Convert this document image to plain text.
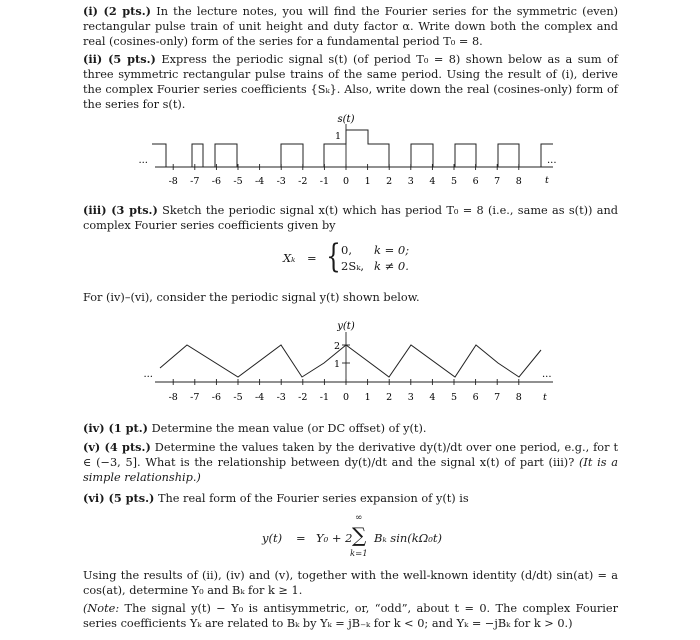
(i) (2 pts.) In the lecture notes, you will find the Fourier series for the symmetric (even) rectangular pulse train of unit height and duty factor α. Write down both the complex and real (cosines-only) form of the series for a fundamental period T₀ = 8.

(ii) (5 pts.) Express the periodic signal s(t) (of period T₀ = 8) shown below as a sum of three symmetric rectangular pulse trains of the same period. Using the result of (i), derive the complex Fourier series coefficients {Sₖ}. Also, write down the real (cosines-only) form of the series for s(t).

s(t)
1
...	...
t
-8 -7 -6 -5 -4 -3 -2 -1 0 1 2 3 4 5 6 7 8

(iii) (3 pts.) Sketch the periodic signal x(t) which has period T₀ = 8 (i.e., same as s(t)) and complex Fourier series coefficients given by

Xₖ = { 0, k = 0;
2Sₖ, k ≠ 0.

For (iv)–(vi), consider the periodic signal y(t) shown below.

y(t)
2
1
...	...
t
-8 -7 -6 -5 -4 -3 -2 -1 0 1 2 3 4 5 6 7 8

(iv) (1 pt.) Determine the mean value (or DC offset) of y(t).

(v) (4 pts.) Determine the values taken by the derivative dy(t)/dt over one period, e.g., for t ∈ (−3, 5]. What is the relationship between dy(t)/dt and the signal x(t) of part (iii)? (It is a simple relationship.)

(vi) (5 pts.) The real form of the Fourier series expansion of y(t) is

y(t) = Y₀ + 2
∞
∑
k=1
Bₖ sin(kΩ₀t)

Using the results of (ii), (iv) and (v), together with the well-known identity (d/dt) sin(at) = a cos(at), determine Y₀ and Bₖ for k ≥ 1.

(Note: The signal y(t) − Y₀ is antisymmetric, or, “odd”, about t = 0. The complex Fourier series coefficients Yₖ are related to Bₖ by Yₖ = jB₋ₖ for k < 0; and Yₖ = −jBₖ for k > 0.)
